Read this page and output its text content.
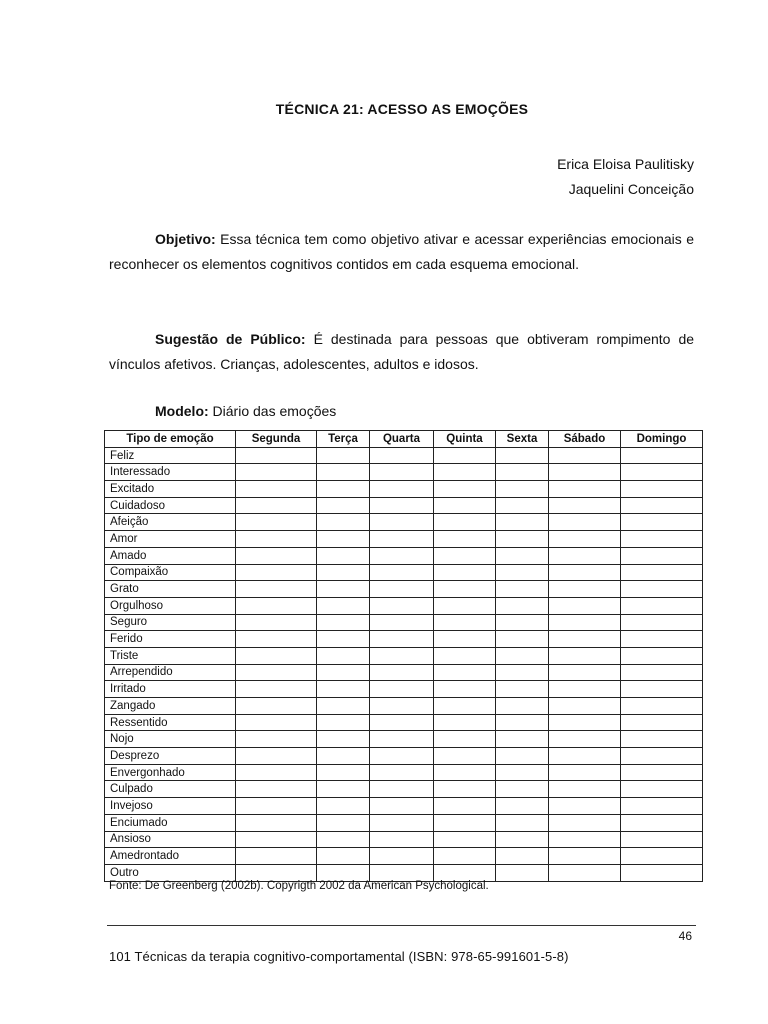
TÉCNICA 21: ACESSO AS EMOÇÕES
Erica Eloisa Paulitisky
Jaquelini Conceição
Objetivo: Essa técnica tem como objetivo ativar e acessar experiências emocionais e reconhecer os elementos cognitivos contidos em cada esquema emocional.
Sugestão de Público: É destinada para pessoas que obtiveram rompimento de vínculos afetivos. Crianças, adolescentes, adultos e idosos.
Modelo: Diário das emoções
Tipo de emoção	Segunda	Terça	Quarta	Quinta	Sexta	Sábado	Domingo
Feliz							
Interessado							
Excitado							
Cuidadoso							
Afeição							
Amor							
Amado							
Compaixão							
Grato							
Orgulhoso							
Seguro							
Ferido							
Triste							
Arrependido							
Irritado							
Zangado							
Ressentido							
Nojo							
Desprezo							
Envergonhado							
Culpado							
Invejoso							
Enciumado							
Ansioso							
Amedrontado							
Outro							
Fonte: De Greenberg (2002b). Copyrigth 2002 da American Psychological.
46
101 Técnicas da terapia cognitivo-comportamental (ISBN: 978-65-991601-5-8)
